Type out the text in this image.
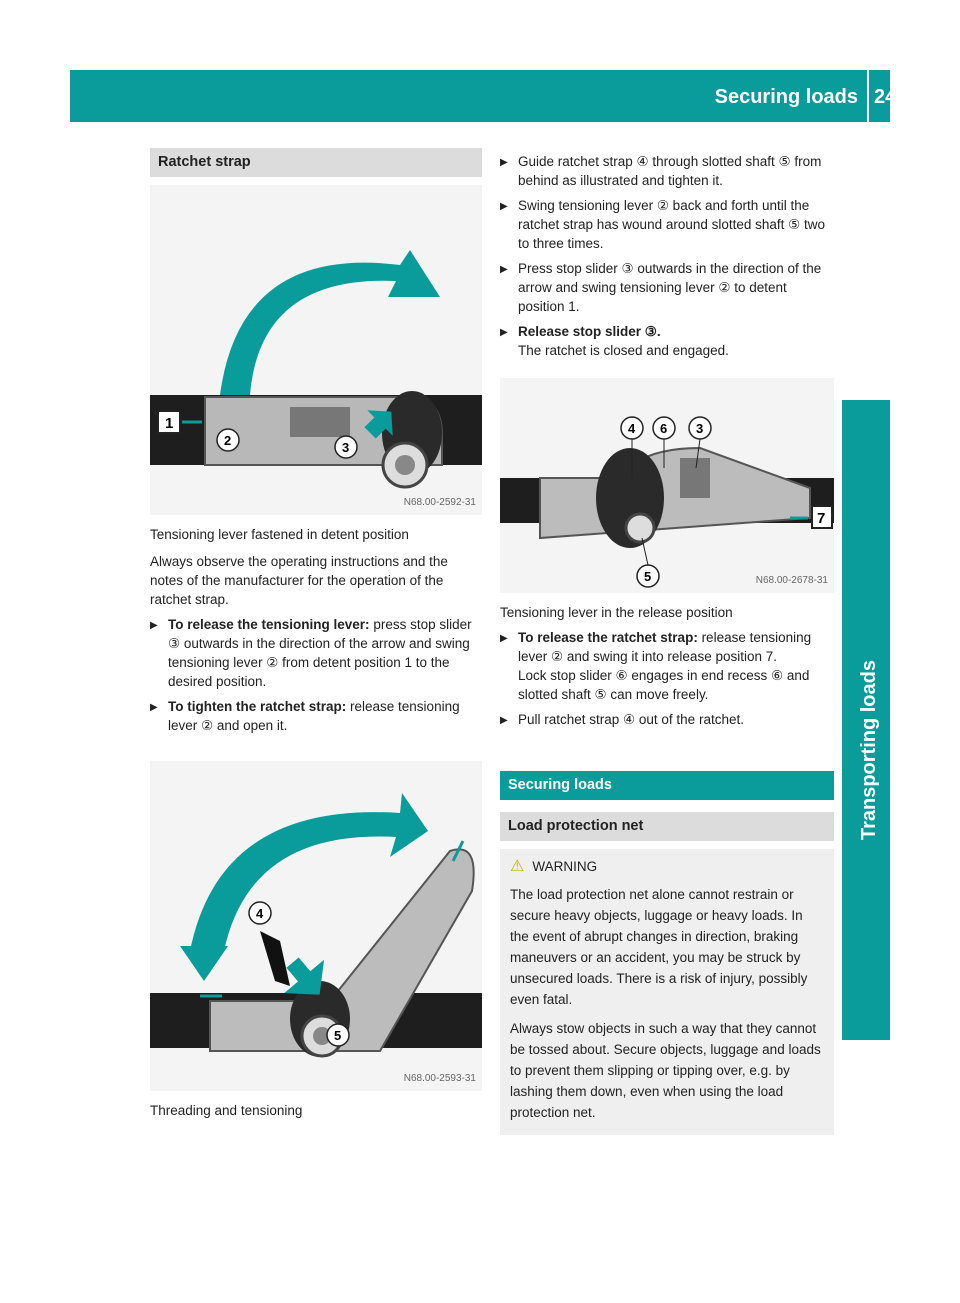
Securing loads 249
Transporting loads
Ratchet strap
1
2	3
N68.00-2592-31

Tensioning lever fastened in detent position

Always observe the operating instructions and the notes of the manufacturer for the operation of the ratchet strap.

▶ To release the tensioning lever: press stop slider ③ outwards in the direction of the arrow and swing tensioning lever ② from detent position 1 to the desired position.
▶ To tighten the ratchet strap: release tensioning lever ② and open it.
4
5
N68.00-2593-31

Threading and tensioning

▶ Guide ratchet strap ④ through slotted shaft ⑤ from behind as illustrated and tighten it.
▶ Swing tensioning lever ② back and forth until the ratchet strap has wound around slotted shaft ⑤ two to three times.
▶ Press stop slider ③ outwards in the direction of the arrow and swing tensioning lever ② to detent position 1.
▶ Release stop slider ③.
The ratchet is closed and engaged.
7
4 6 3
5	N68.00-2678-31

Tensioning lever in the release position

▶ To release the ratchet strap: release tensioning lever ② and swing it into release position 7.
Lock stop slider ⑥ engages in end recess ⑥ and slotted shaft ⑤ can move freely.
▶ Pull ratchet strap ④ out of the ratchet.
Securing loads
Load protection net
⚠ WARNING

The load protection net alone cannot restrain or secure heavy objects, luggage or heavy loads. In the event of abrupt changes in direction, braking maneuvers or an accident, you may be struck by unsecured loads. There is a risk of injury, possibly even fatal.

Always stow objects in such a way that they cannot be tossed about. Secure objects, luggage and loads to prevent them slipping or tipping over, e.g. by lashing them down, even when using the load protection net.
